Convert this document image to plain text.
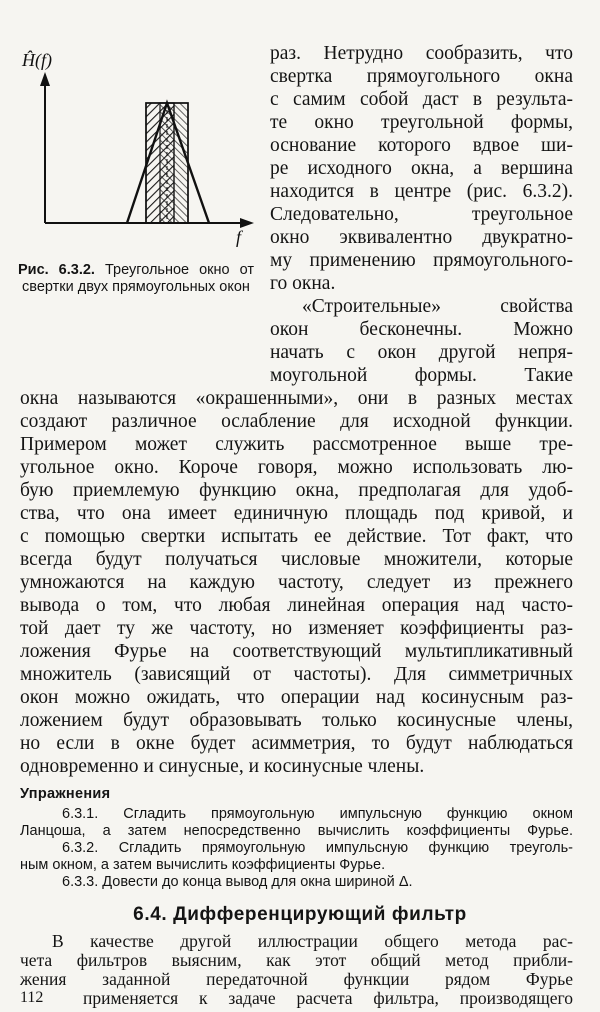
Ĥ(f)
f
Рис. 6.3.2. Треугольное окно от свертки двух прямоугольных окон
раз. Нетрудно сообразить, что
свертка прямоугольного окна
с самим собой даст в результа-
те окно треугольной формы,
основание которого вдвое ши-
ре исходного окна, а вершина
находится в центре (рис. 6.3.2).
Следовательно, треугольное
окно эквивалентно двукратно-
му применению прямоугольного-
го окна.
«Строительные» свойства
окон бесконечны. Можно
начать с окон другой непря-
моугольной формы. Такие
окна называются «окрашенными», они в разных местах
создают различное ослабление для исходной функции.
Примером может служить рассмотренное выше тре-
угольное окно. Короче говоря, можно использовать лю-
бую приемлемую функцию окна, предполагая для удоб-
ства, что она имеет единичную площадь под кривой, и
с помощью свертки испытать ее действие. Тот факт, что
всегда будут получаться числовые множители, которые
умножаются на каждую частоту, следует из прежнего
вывода о том, что любая линейная операция над часто-
той дает ту же частоту, но изменяет коэффициенты раз-
ложения Фурье на соответствующий мультипликативный
множитель (зависящий от частоты). Для симметричных
окон можно ожидать, что операции над косинусным раз-
ложением будут образовывать только косинусные члены,
но если в окне будет асимметрия, то будут наблюдаться
одновременно и синусные, и косинусные члены.
Упражнения
6.3.1. Сгладить прямоугольную импульсную функцию окном
Ланцоша, а затем непосредственно вычислить коэффициенты Фурье.
6.3.2. Сгладить прямоугольную импульсную функцию треуголь-
ным окном, а затем вычислить коэффициенты Фурье.
6.3.3. Довести до конца вывод для окна шириной Δ.
6.4. Дифференцирующий фильтр
В качестве другой иллюстрации общего метода рас-
чета фильтров выясним, как этот общий метод прибли-
жения заданной передаточной функции рядом Фурье
применяется к задаче расчета фильтра, производящего
112
